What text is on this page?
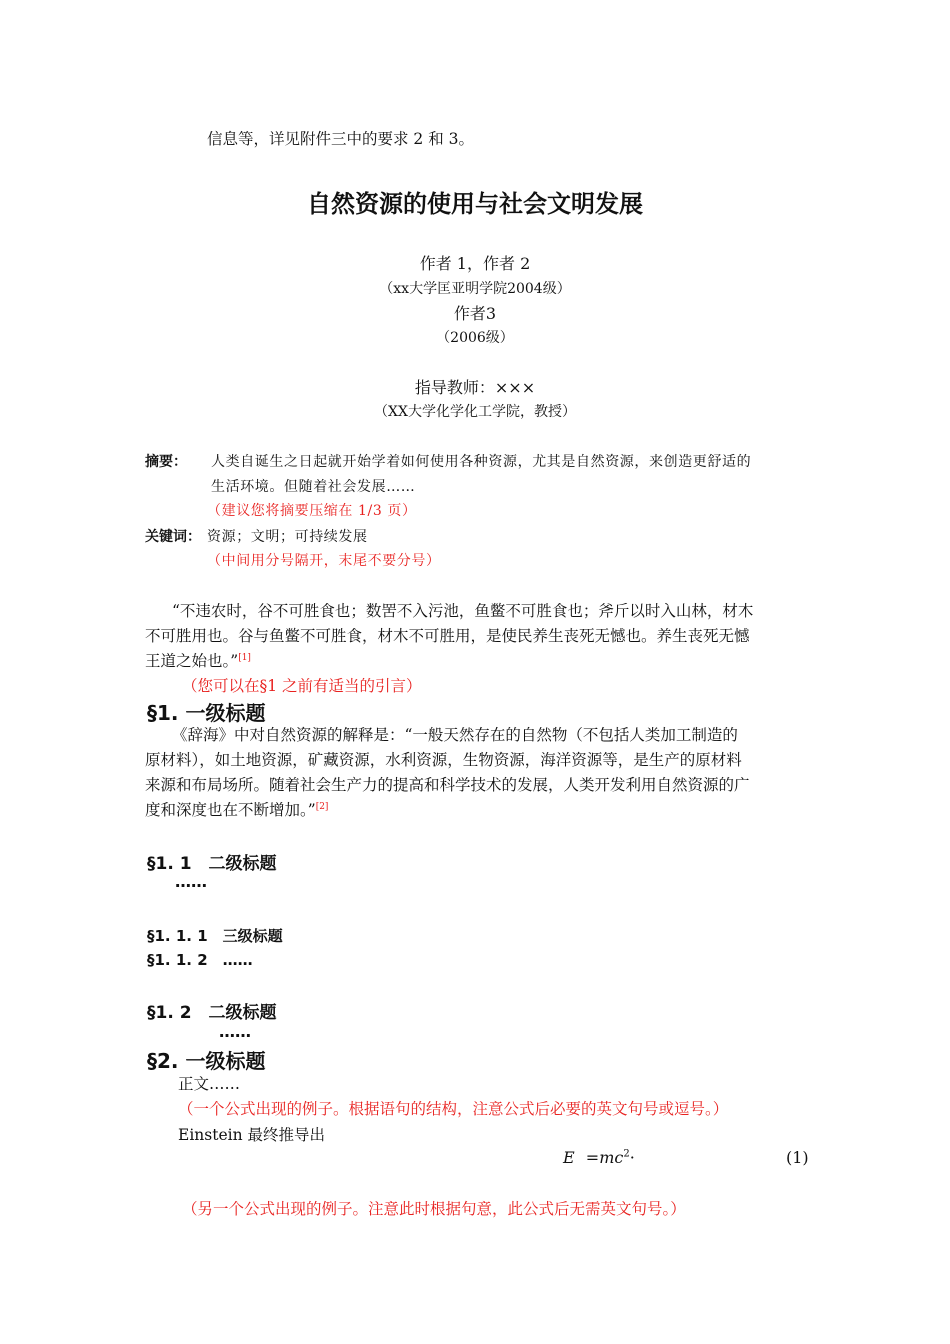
信息等，详见附件三中的要求 2 和 3。
自然资源的使用与社会文明发展
作者 1，作者 2
（xx大学匡亚明学院2004级）
作者3
（2006级）
指导教师：×××
（XX大学化学化工学院，教授）
摘要： 人类自诞生之日起就开始学着如何使用各种资源，尤其是自然资源，来创造更舒适的
生活环境。但随着社会发展……
（建议您将摘要压缩在 1/3 页）
关键词： 资源；文明；可持续发展
（中间用分号隔开，末尾不要分号）
“不违农时，谷不可胜食也；数罟不入污池，鱼鳖不可胜食也；斧斤以时入山林，材木
不可胜用也。谷与鱼鳖不可胜食，材木不可胜用，是使民养生丧死无憾也。养生丧死无憾
王道之始也。”[1]
（您可以在§1 之前有适当的引言）
§1. 一级标题
《辞海》中对自然资源的解释是：“一般天然存在的自然物（不包括人类加工制造的
原材料），如土地资源，矿藏资源，水利资源，生物资源，海洋资源等，是生产的原材料
来源和布局场所。随着社会生产力的提高和科学技术的发展，人类开发利用自然资源的广
度和深度也在不断增加。”[2]
§1. 1　二级标题
……
§1. 1. 1　三级标题
§1. 1. 2　……
§1. 2　二级标题
……
§2. 一级标题
正文……
（一个公式出现的例子。根据语句的结构，注意公式后必要的英文句号或逗号。）
Einstein 最终推导出
$E =mc^2\cdot$	(1)
（另一个公式出现的例子。注意此时根据句意，此公式后无需英文句号。）
